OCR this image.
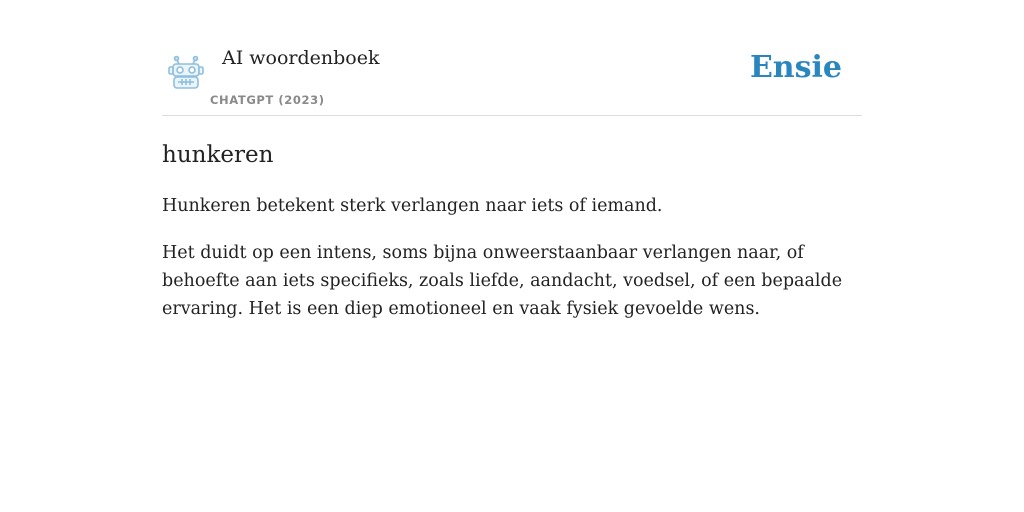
AI woordenboek
CHATGPT (2023)
Ensie
hunkeren

Hunkeren betekent sterk verlangen naar iets of iemand.

Het duidt op een intens, soms bijna onweerstaanbaar verlangen naar, of behoefte aan iets specifieks, zoals liefde, aandacht, voedsel, of een bepaalde ervaring. Het is een diep emotioneel en vaak fysiek gevoelde wens.
